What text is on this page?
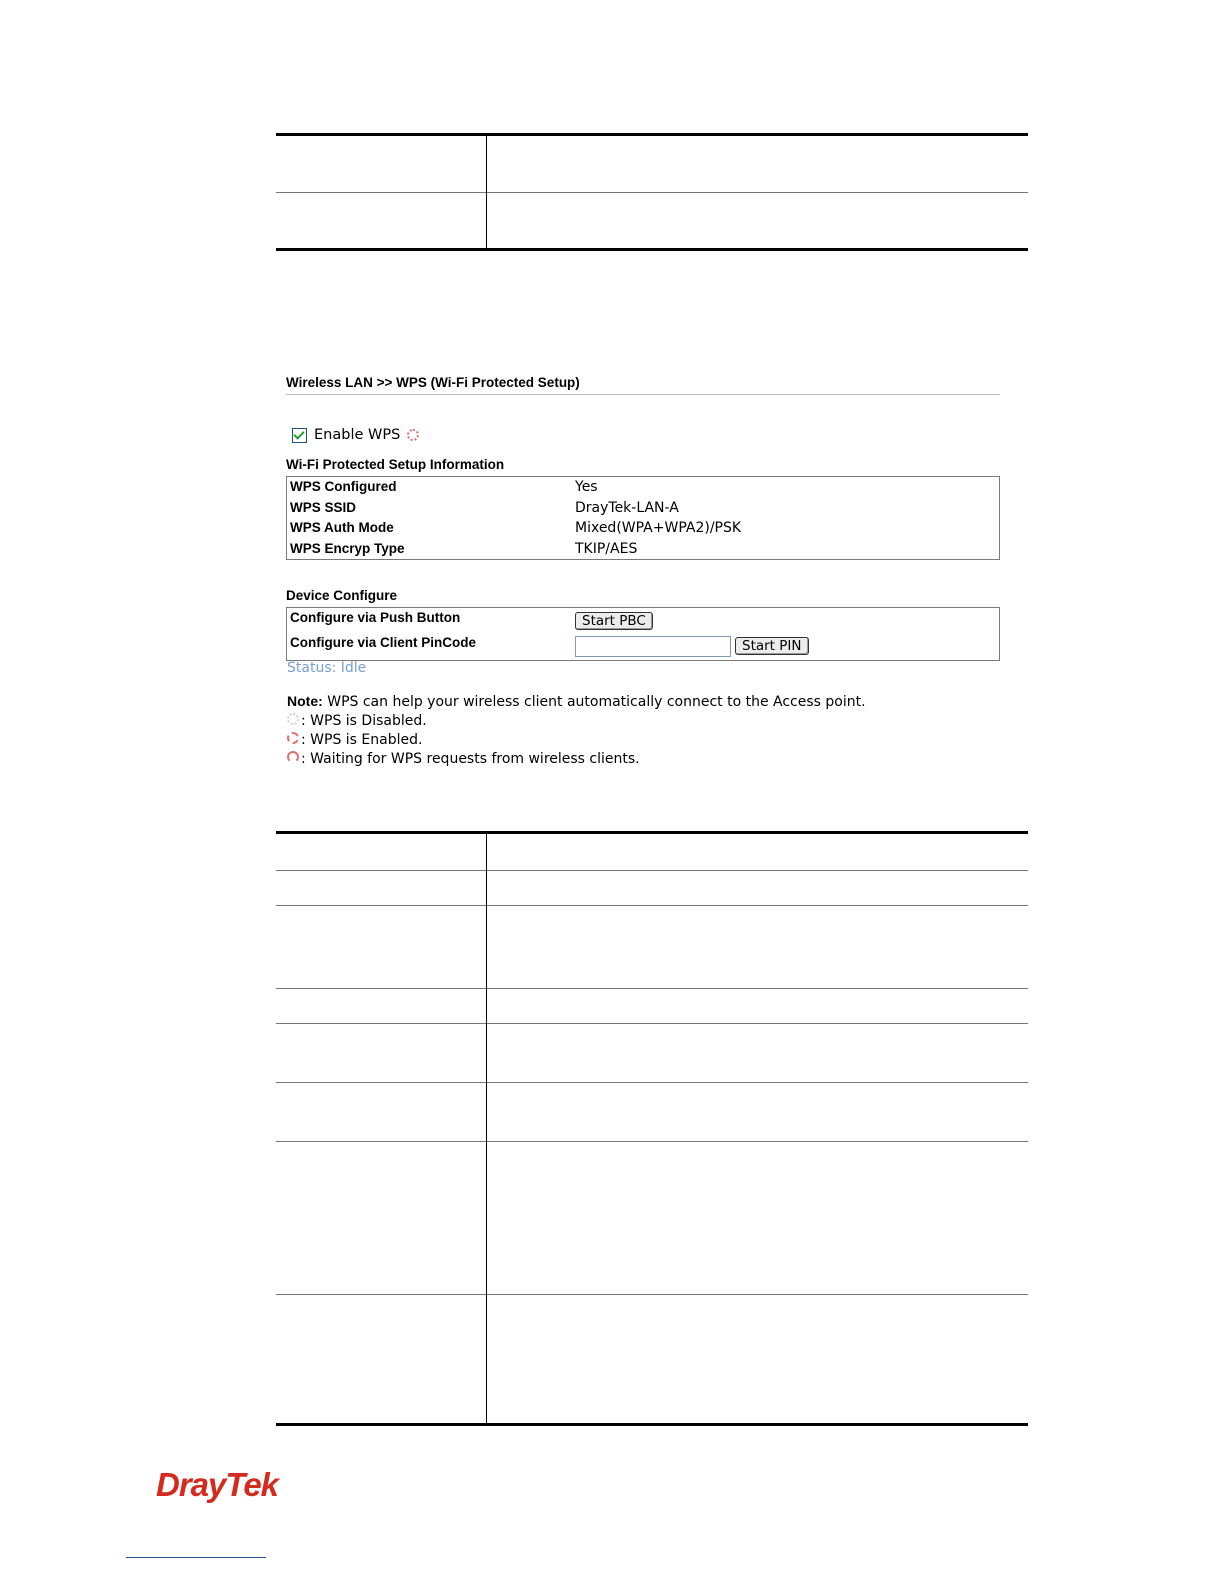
Wireless LAN >> WPS (Wi-Fi Protected Setup)
Enable WPS
Wi-Fi Protected Setup Information
WPS Configured	Yes
WPS SSID	DrayTek-LAN-A
WPS Auth Mode	Mixed(WPA+WPA2)/PSK
WPS Encryp Type	TKIP/AES
Device Configure
Configure via Push Button	Start PBC
Configure via Client PinCode	Start PIN
Status: Idle
Note: WPS can help your wireless client automatically connect to the Access point.
: WPS is Disabled.
: WPS is Enabled.
: Waiting for WPS requests from wireless clients.

DrayTek
